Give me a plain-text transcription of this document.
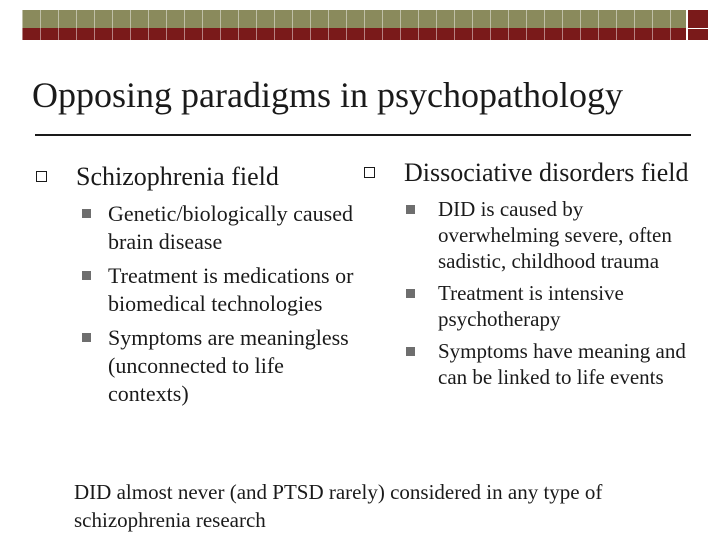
Opposing paradigms in psychopathology
Schizophrenia field
Genetic/biologically caused brain disease
Treatment is medications or biomedical technologies
Symptoms are meaningless (unconnected to life contexts)
Dissociative disorders field
DID is caused by overwhelming severe, often sadistic, childhood trauma
Treatment is intensive psychotherapy
Symptoms have meaning and can be linked to life events
DID almost never (and PTSD rarely) considered in any type of schizophrenia research
